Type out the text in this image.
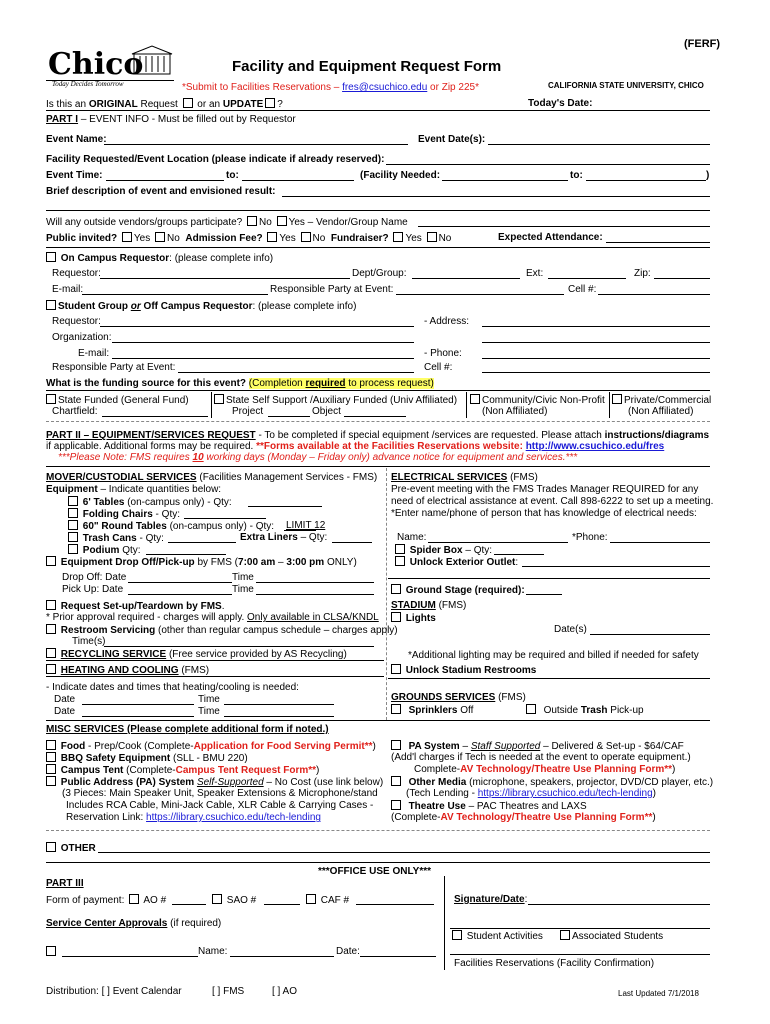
(FERF)
Chico
Today Decides Tomorrow
Facility and Equipment Request Form
*Submit to Facilities Reservations – fres@csuchico.edu or Zip 225*	CALIFORNIA STATE UNIVERSITY, CHICO
Is this an ORIGINAL Request  or an UPDATE ?	Today's Date:
PART I – EVENT INFO - Must be filled out by Requestor
Event Name:	Event Date(s):
Facility Requested/Event Location (please indicate if already reserved):
Event Time:	to:	(Facility Needed:	to:	)
Brief description of event and envisioned result:
Will any outside vendors/groups participate? No Yes – Vendor/Group Name
Public invited? Yes No Admission Fee? Yes No Fundraiser? Yes No	Expected Attendance:
On Campus Requestor: (please complete info)
Requestor:	Dept/Group:	Ext:	Zip:
E-mail:	Responsible Party at Event:	Cell #:
Student Group or Off Campus Requestor: (please complete info)
Requestor:	- Address:
Organization:
E-mail:	- Phone:
Responsible Party at Event:	Cell #:
What is the funding source for this event? (Completion required to process request)
State Funded (General Fund)
Chartfield:
State Self Support /Auxiliary Funded (Univ Affiliated)
Project	Object
Community/Civic Non-Profit
(Non Affiliated)
Private/Commercial
(Non Affiliated)
PART II – EQUIPMENT/SERVICES REQUEST - To be completed if special equipment /services are requested. Please attach instructions/diagrams
if applicable. Additional forms may be required. **Forms available at the Facilities Reservations website: http://www.csuchico.edu/fres
***Please Note: FMS requires 10 working days (Monday – Friday only) advance notice for equipment and services.***
MOVER/CUSTODIAL SERVICES (Facilities Management Services - FMS)
Equipment – Indicate quantities below:
6' Tables (on-campus only) - Qty:
Folding Chairs - Qty:
60" Round Tables (on-campus only) - Qty: LIMIT 12
Trash Cans - Qty:	Extra Liners – Qty:
Podium Qty:
Equipment Drop Off/Pick-up by FMS (7:00 am – 3:00 pm ONLY)
Drop Off: Date	Time
Pick Up: Date	Time
Request Set-up/Teardown by FMS.
* Prior approval required - charges will apply. Only available in CLSA/KNDL
Restroom Servicing (other than regular campus schedule – charges apply)
Time(s)
RECYCLING SERVICE (Free service provided by AS Recycling)
HEATING AND COOLING (FMS)
- Indicate dates and times that heating/cooling is needed:
Date	Time
Date	Time
ELECTRICAL SERVICES (FMS)
Pre-event meeting with the FMS Trades Manager REQUIRED for any
need of electrical assistance at event. Call 898-6222 to set up a meeting.
*Enter name/phone of person that has knowledge of electrical needs:
Name:	*Phone:
Spider Box – Qty:
Unlock Exterior Outlet:
Ground Stage (required):
STADIUM (FMS)
Lights
Date(s)
*Additional lighting may be required and billed if needed for safety
Unlock Stadium Restrooms
GROUNDS SERVICES (FMS)
Sprinklers Off	Outside Trash Pick-up
MISC SERVICES (Please complete additional form if noted.)
Food - Prep/Cook (Complete-Application for Food Serving Permit**)
BBQ Safety Equipment (SLL - BMU 220)
Campus Tent (Complete-Campus Tent Request Form**)
Public Address (PA) System Self-Supported – No Cost (use link below)
(3 Pieces: Main Speaker Unit, Speaker Extensions & Microphone/stand
Includes RCA Cable, Mini-Jack Cable, XLR Cable & Carrying Cases -
Reservation Link: https://library.csuchico.edu/tech-lending
PA System – Staff Supported – Delivered & Set-up - $64/CAF
(Add'l charges if Tech is needed at the event to operate equipment.)
Complete-AV Technology/Theatre Use Planning Form**)
Other Media (microphone, speakers, projector, DVD/CD player, etc.)
(Tech Lending - https://library.csuchico.edu/tech-lending)
Theatre Use – PAC Theatres and LAXS
(Complete-AV Technology/Theatre Use Planning Form**)
OTHER
***OFFICE USE ONLY***
PART III
Form of payment: AO #	SAO #	CAF #	Signature/Date:
Service Center Approvals (if required)
Student Activities	Associated Students
Name:	Date:
Facilities Reservations (Facility Confirmation)
Distribution: [ ] Event Calendar	[ ] FMS	[ ] AO	Last Updated 7/1/2018
